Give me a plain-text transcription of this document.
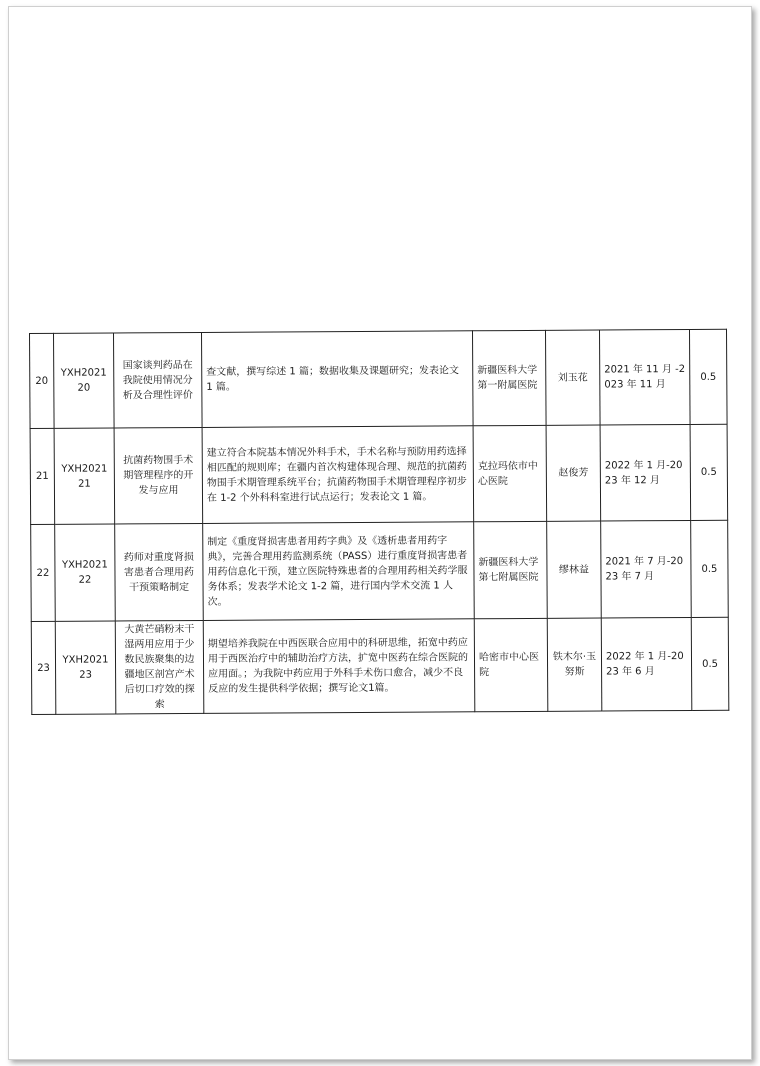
20	YXH202120	国家谈判药品在我院使用情况分析及合理性评价	查文献，撰写综述 1 篇；数据收集及课题研究；发表论文 1 篇。	新疆医科大学第一附属医院	刘玉花	2021 年 11 月 -2023 年 11 月	0.5
21	YXH202121	抗菌药物围手术期管理程序的开发与应用	建立符合本院基本情况外科手术，手术名称与预防用药选择相匹配的规则库；在疆内首次构建体现合理、规范的抗菌药物围手术期管理系统平台；抗菌药物围手术期管理程序初步在 1-2 个外科科室进行试点运行；发表论文 1 篇。	克拉玛依市中心医院	赵俊芳	2022 年 1 月-2023 年 12 月	0.5
22	YXH202122	药师对重度肾损害患者合理用药干预策略制定	制定《重度肾损害患者用药字典》及《透析患者用药字典》，完善合理用药监测系统（PASS）进行重度肾损害患者用药信息化干预，建立医院特殊患者的合理用药相关药学服务体系；发表学术论文 1-2 篇，进行国内学术交流 1 人次。	新疆医科大学第七附属医院	缪林益	2021 年 7 月-2023 年 7 月	0.5
23	YXH202123	大黄芒硝粉末干湿两用应用于少数民族聚集的边疆地区剖宫产术后切口疗效的探索	期望培养我院在中西医联合应用中的科研思维，拓宽中药应用于西医治疗中的辅助治疗方法，扩宽中医药在综合医院的应用面。；为我院中药应用于外科手术伤口愈合，减少不良反应的发生提供科学依据；撰写论文1篇。	哈密市中心医院	铁木尔·玉努斯	2022 年 1 月-2023 年 6 月	0.5
